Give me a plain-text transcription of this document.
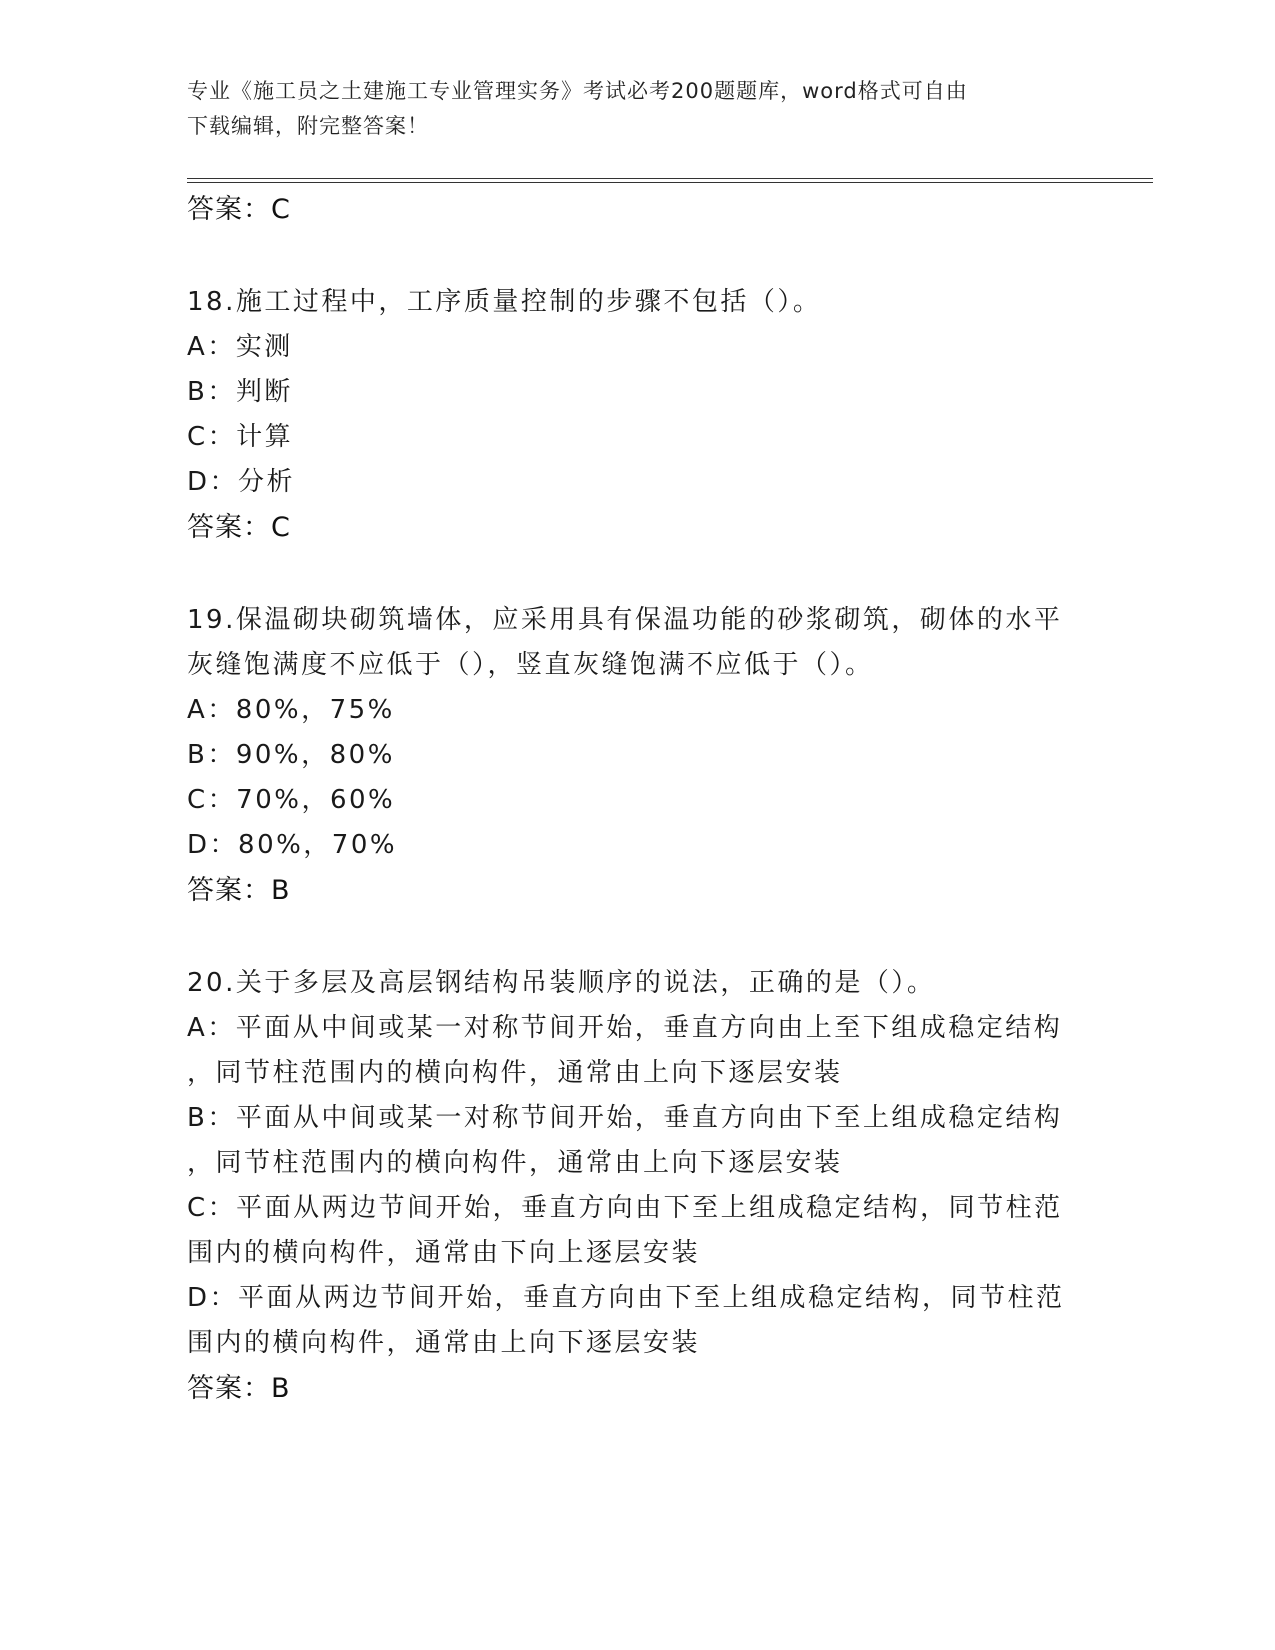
专业《施工员之土建施工专业管理实务》考试必考200题题库，word格式可自由
下载编辑，附完整答案！
答案：C
18.施工过程中，工序质量控制的步骤不包括（）。
A：实测
B：判断
C：计算
D：分析
答案：C
19.保温砌块砌筑墙体，应采用具有保温功能的砂浆砌筑，砌体的水平
灰缝饱满度不应低于（），竖直灰缝饱满不应低于（）。
A：80%，75%
B：90%，80%
C：70%，60%
D：80%，70%
答案：B
20.关于多层及高层钢结构吊装顺序的说法，正确的是（）。
A：平面从中间或某一对称节间开始，垂直方向由上至下组成稳定结构
，同节柱范围内的横向构件，通常由上向下逐层安装
B：平面从中间或某一对称节间开始，垂直方向由下至上组成稳定结构
，同节柱范围内的横向构件，通常由上向下逐层安装
C：平面从两边节间开始，垂直方向由下至上组成稳定结构，同节柱范
围内的横向构件，通常由下向上逐层安装
D：平面从两边节间开始，垂直方向由下至上组成稳定结构，同节柱范
围内的横向构件，通常由上向下逐层安装
答案：B
